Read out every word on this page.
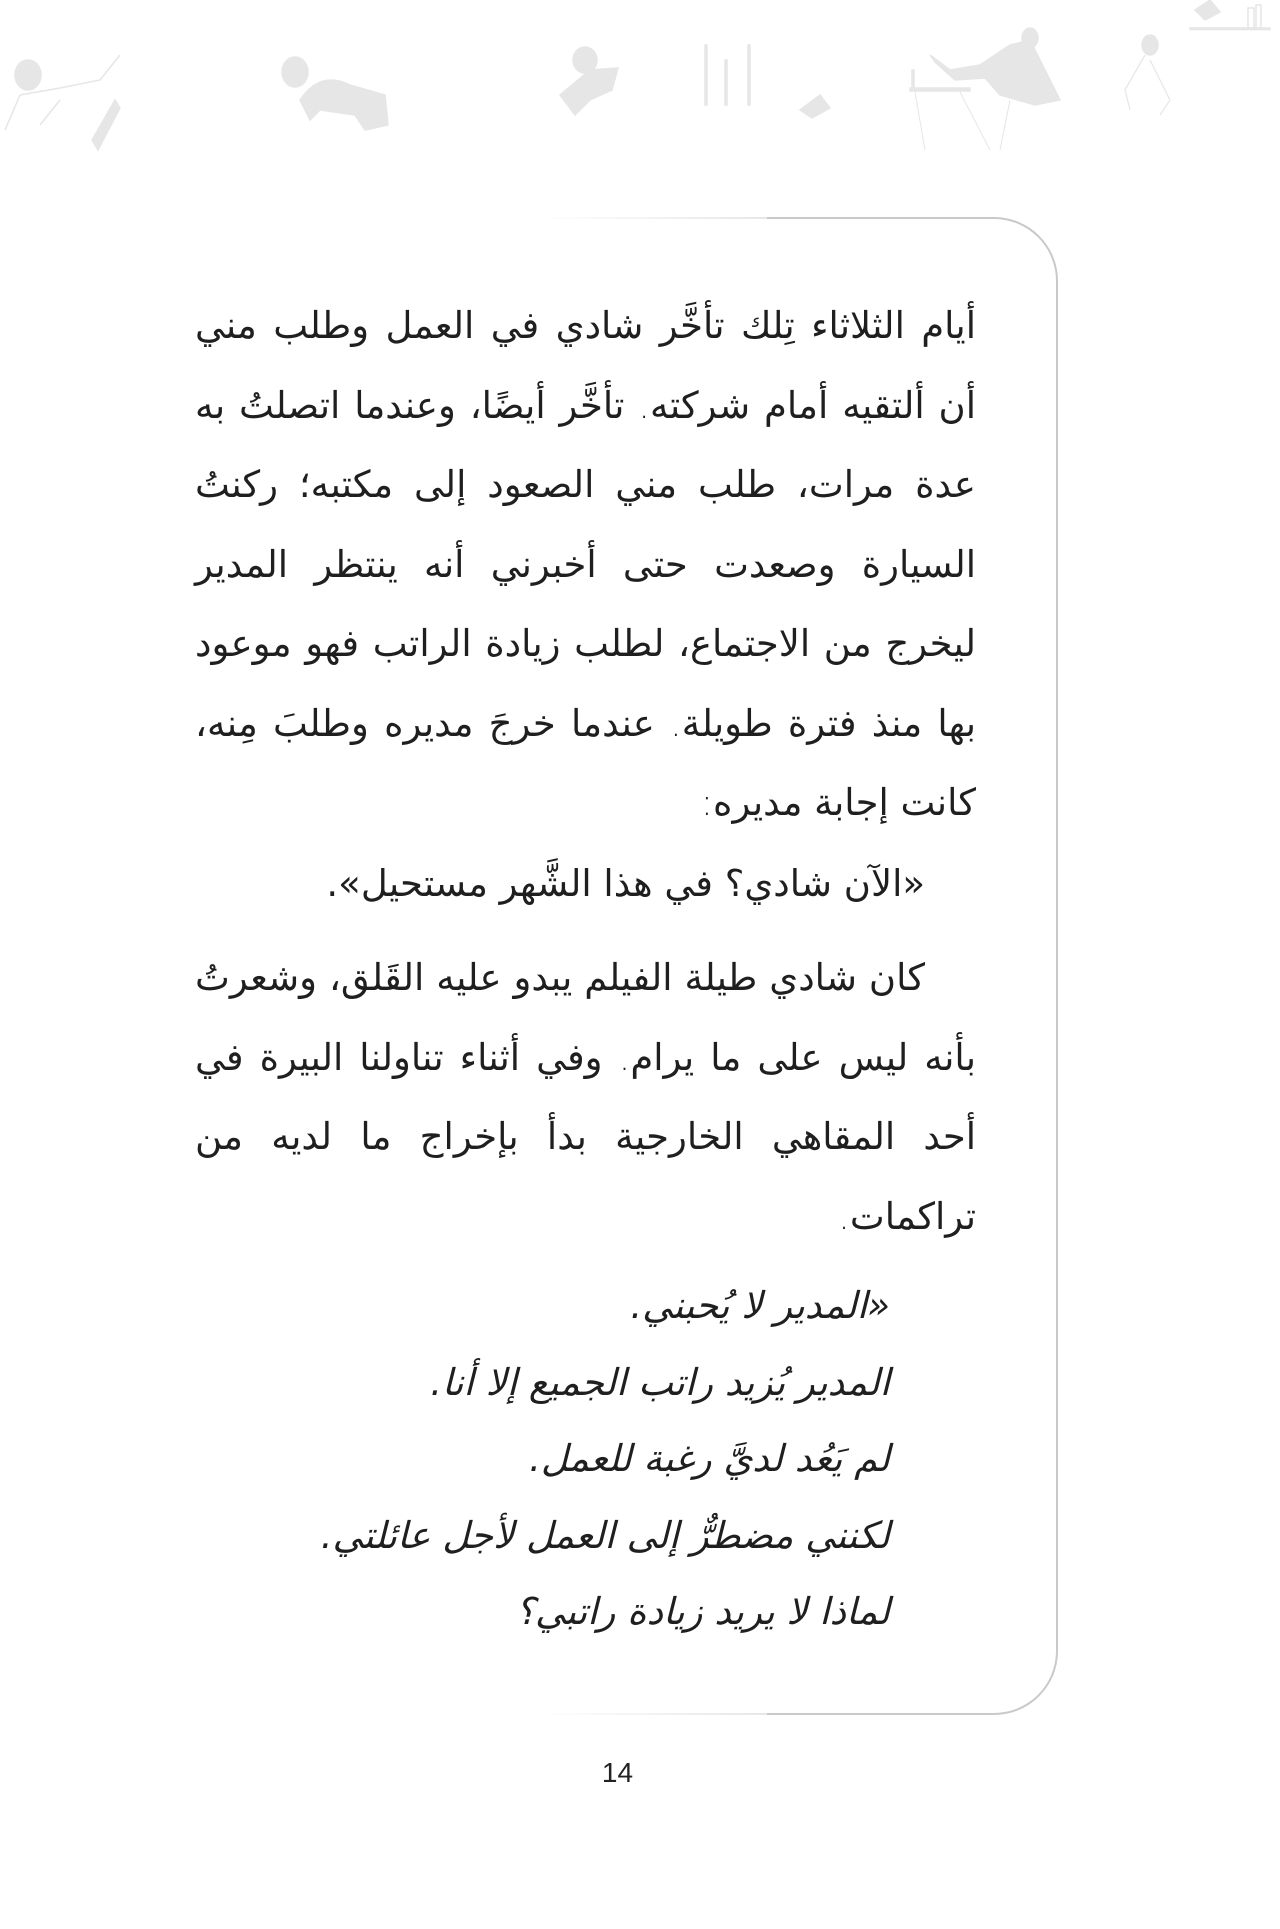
أيام الثلاثاء تِلك تأخَّر شادي في العمل وطلب مني أن ألتقيه أمام شركته. تأخَّر أيضًا، وعندما اتصلتُ به عدة مرات، طلب مني الصعود إلى مكتبه؛ ركنتُ السيارة وصعدت حتى أخبرني أنه ينتظر المدير ليخرج من الاجتماع، لطلب زيادة الراتب فهو موعود بها منذ فترة طويلة. عندما خرجَ مديره وطلبَ مِنه، كانت إجابة مديره:
«الآن شادي؟ في هذا الشَّهر مستحيل».
كان شادي طيلة الفيلم يبدو عليه القَلق، وشعرتُ بأنه ليس على ما يرام. وفي أثناء تناولنا البيرة في أحد المقاهي الخارجية بدأ بإخراج ما لديه من تراكمات.
«المدير لا يُحبني.
المدير يُزيد راتب الجميع إلا أنا.
لم يَعُد لديَّ رغبة للعمل.
لكنني مضطرٌّ إلى العمل لأجل عائلتي.
لماذا لا يريد زيادة راتبي؟
14
